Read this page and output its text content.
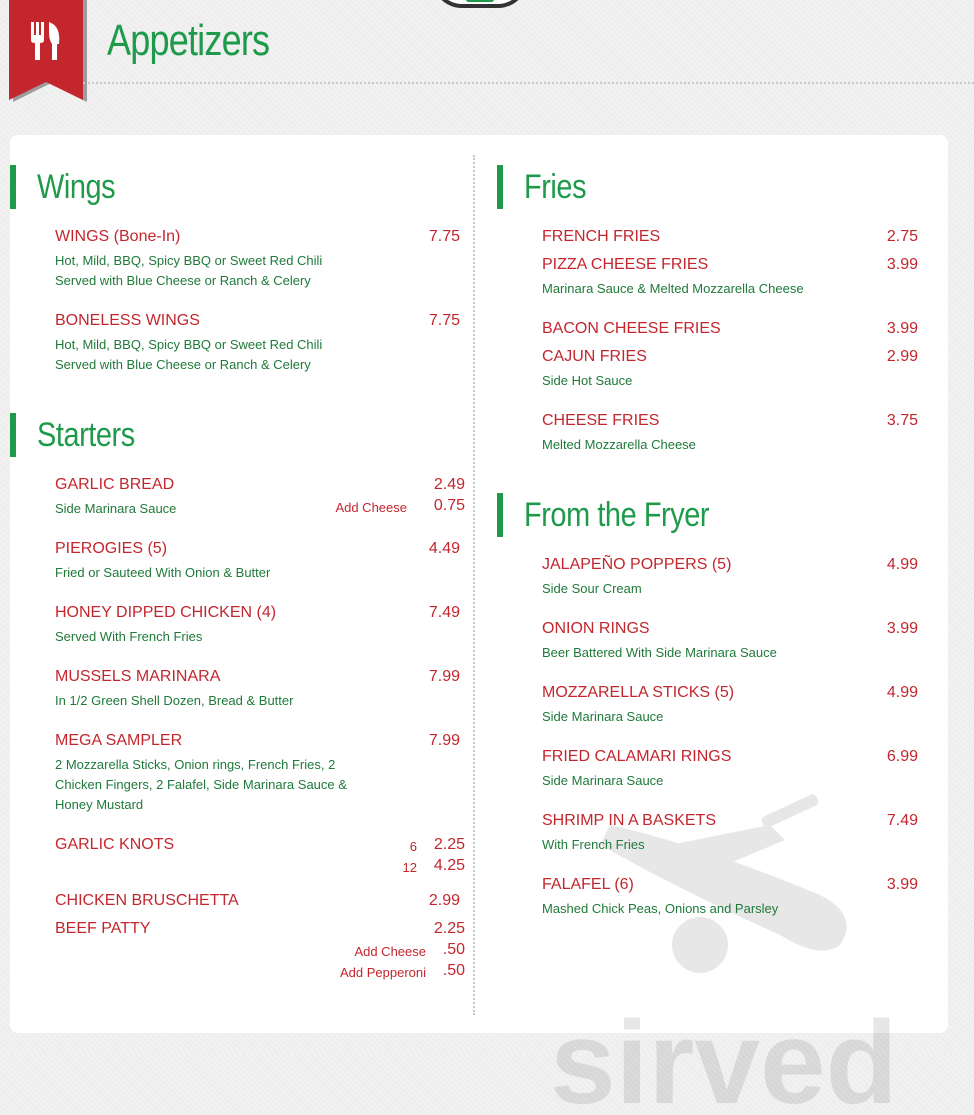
Appetizers
sirved
Wings
WINGS (Bone-In)	7.75
Hot, Mild, BBQ, Spicy BBQ or Sweet Red Chili
Served with Blue Cheese or Ranch & Celery
BONELESS WINGS	7.75
Hot, Mild, BBQ, Spicy BBQ or Sweet Red Chili
Served with Blue Cheese or Ranch & Celery
Starters
GARLIC BREAD	2.49
Side Marinara Sauce	Add Cheese 0.75
PIEROGIES (5)	4.49
Fried or Sauteed With Onion & Butter
HONEY DIPPED CHICKEN (4)	7.49
Served With French Fries
MUSSELS MARINARA	7.99
In 1/2 Green Shell Dozen, Bread & Butter
MEGA SAMPLER	7.99
2 Mozzarella Sticks, Onion rings, French Fries, 2
Chicken Fingers, 2 Falafel, Side Marinara Sauce &
Honey Mustard
GARLIC KNOTS	6 2.25
12 4.25
CHICKEN BRUSCHETTA	2.99
BEEF PATTY	2.25
Add Cheese .50
Add Pepperoni .50
Fries
FRENCH FRIES	2.75
PIZZA CHEESE FRIES	3.99
Marinara Sauce & Melted Mozzarella Cheese
BACON CHEESE FRIES	3.99
CAJUN FRIES	2.99
Side Hot Sauce
CHEESE FRIES	3.75
Melted Mozzarella Cheese
From the Fryer
JALAPEÑO POPPERS (5)	4.99
Side Sour Cream
ONION RINGS	3.99
Beer Battered With Side Marinara Sauce
MOZZARELLA STICKS (5)	4.99
Side Marinara Sauce
FRIED CALAMARI RINGS	6.99
Side Marinara Sauce
SHRIMP IN A BASKETS	7.49
With French Fries
FALAFEL (6)	3.99
Mashed Chick Peas, Onions and Parsley
